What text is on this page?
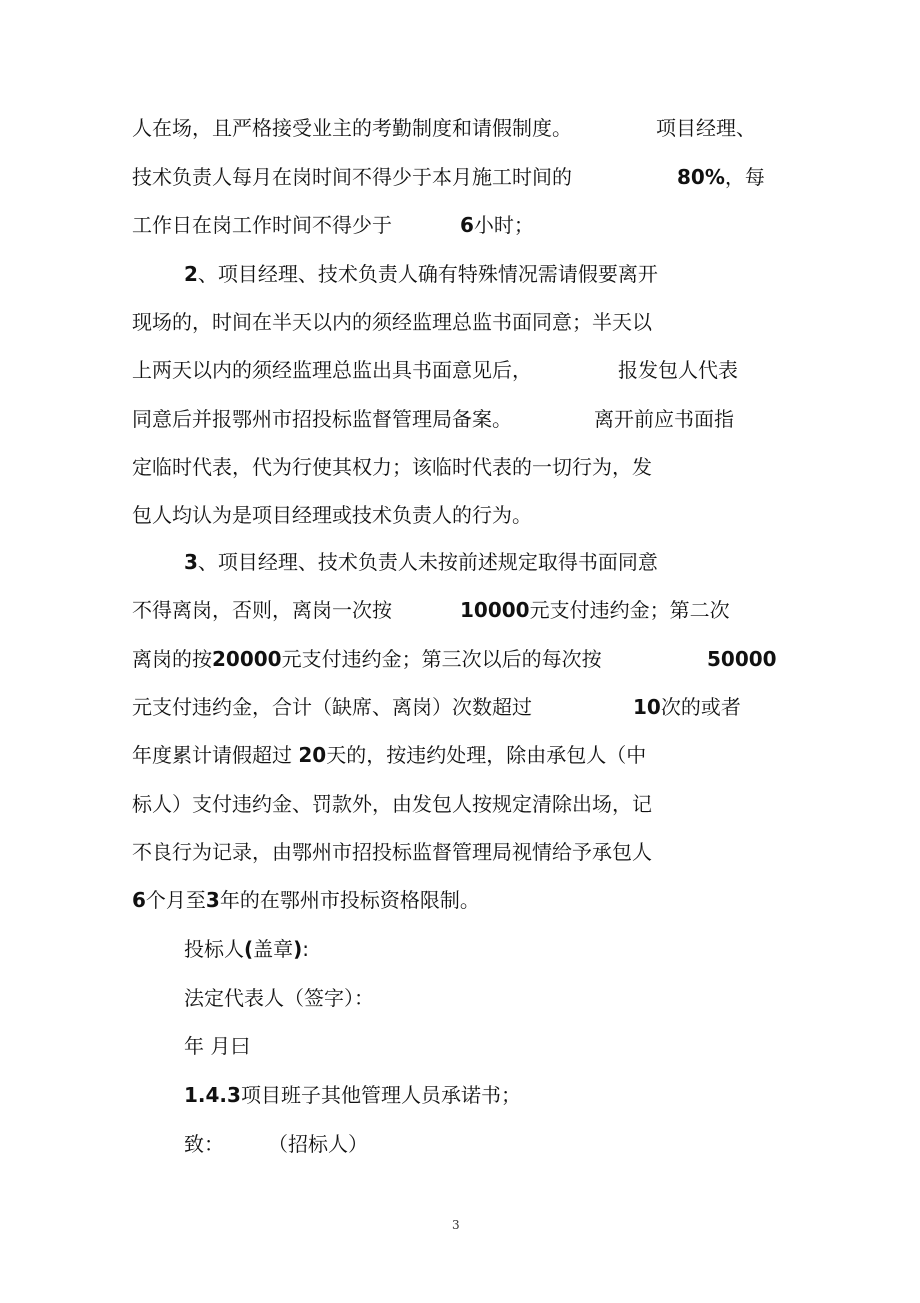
人在场，且严格接受业主的考勤制度和请假制度。

	项目经理、

技术负责人每月在岗时间不得少于本月施工时间的

	80%，每

工作日在岗工作时间不得少于

	6小时；

2、项目经理、技术负责人确有特殊情况需请假要离开

现场的，时间在半天以内的须经监理总监书面同意；半天以

上两天以内的须经监理总监出具书面意见后，

	报发包人代表

同意后并报鄂州市招投标监督管理局备案。

	离开前应书面指

定临时代表，代为行使其权力；该临时代表的一切行为，发

包人均认为是项目经理或技术负责人的行为。

3、项目经理、技术负责人未按前述规定取得书面同意

不得离岗，否则，离岗一次按

	10000元支付违约金；第二次

离岗的按20000元支付违约金；第三次以后的每次按

	50000

元支付违约金，合计（缺席、离岗）次数超过

	10次的或者

年度累计请假超过 20天的，按违约处理，除由承包人（中

标人）支付违约金、罚款外，由发包人按规定清除出场，记

不良行为记录，由鄂州市招投标监督管理局视情给予承包人

6个月至3年的在鄂州市投标资格限制。

投标人(盖章):

法定代表人（签字）：

年 月曰

1.4.3项目班子其他管理人员承诺书；

致：

（招标人）

3
